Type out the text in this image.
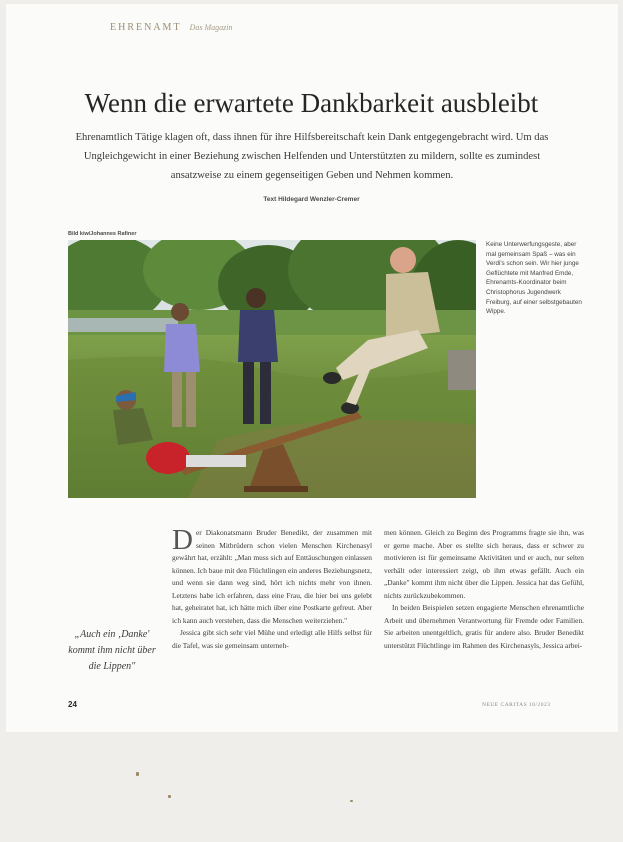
EHRENAMT Das Magazin
Wenn die erwartete Dankbarkeit ausbleibt

Ehrenamtlich Tätige klagen oft, dass ihnen für ihre Hilfsbereitschaft kein Dank entgegengebracht wird. Um das Ungleichgewicht in einer Beziehung zwischen Helfenden und Unterstützten zu mildern, sollte es zumindest ansatzweise zu einem gegenseitigen Geben und Nehmen kommen.

Text Hildegard Wenzler-Cremer
Bild kiw/Johannes Rafiner
Keine Unterwerfungsgeste, aber mal gemeinsam Spaß – was ein Verdi's schon sein. Wir hier junge Geflüchtete mit Manfred Emde, Ehrenamts-Koordinator beim Christophorus Jugendwerk Freiburg, auf einer selbstgebauten Wippe.
„Auch ein ‚Danke' kommt ihm nicht über die Lippen"
D er Diakonatsmann Bruder Benedikt, der zusammen mit seinen Mitbrüdern schon vielen Menschen Kirchenasyl gewährt hat, erzählt: „Man muss sich auf Enttäuschungen einlassen können. Ich baue mit den Flüchtlingen ein anderes Beziehungsnetz, und wenn sie dann weg sind, hört ich nichts mehr von ihnen. Letztens habe ich erfahren, dass eine Frau, die hier bei uns gelebt hat, geheiratet hat, ich hätte mich über eine Postkarte gefreut. Aber ich kann auch verstehen, dass die Menschen weiterziehen."

Jessica gibt sich sehr viel Mühe und erledigt alle Hilfs selbst für die Tafel, was sie gemeinsam unterneh-

men können. Gleich zu Beginn des Programms fragte sie ihn, was er gerne mache. Aber es stellte sich heraus, dass er schwer zu motivieren ist für gemeinsame Aktivitäten und er auch, nur selten verhält oder interessiert zeigt, ob ihm etwas gefällt. Auch ein „Danke" kommt ihm nicht über die Lippen. Jessica hat das Gefühl, nichts zurückzubekommen.

In beiden Beispielen setzen engagierte Menschen ehrenamtliche Arbeit und übernehmen Verantwortung für Fremde oder Familien. Sie arbeiten unentgeltlich, gratis für andere also. Bruder Benedikt unterstützt Flüchtlinge im Rahmen des Kirchenasyls, Jessica arbei-

24	NEUE CARITAS 10/2023
